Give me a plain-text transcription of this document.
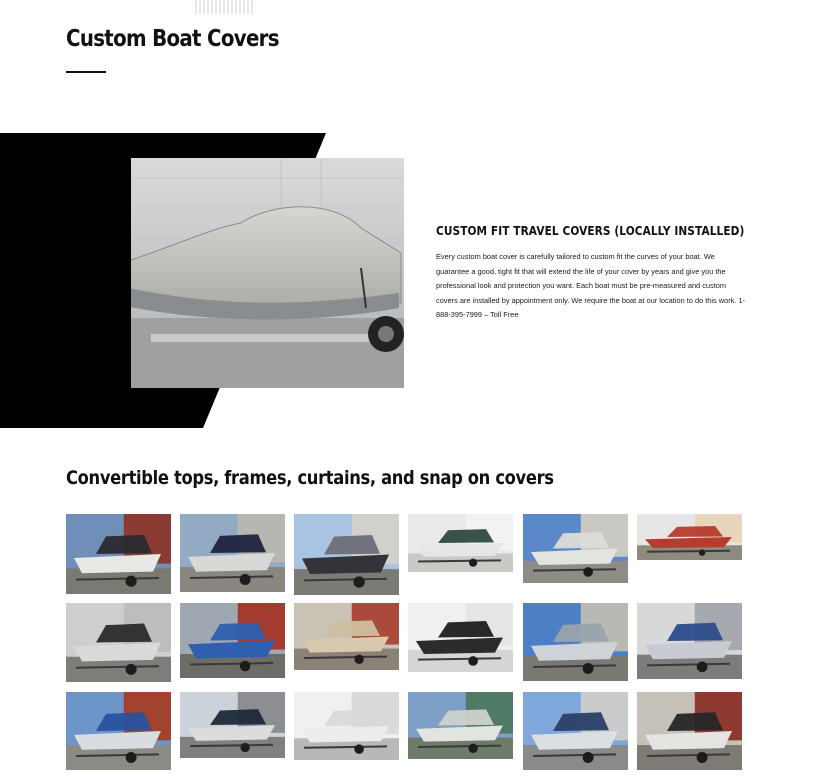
Custom Boat Covers
CUSTOM FIT TRAVEL COVERS (LOCALLY INSTALLED)

Every custom boat cover is carefully tailored to custom fit the curves of your boat. We guarantee a good, tight fit that will extend the life of your cover by years and give you the professional look and protection you want. Each boat must be pre-measured and custom covers are installed by appointment only. We require the boat at our location to do this work. 1-888-395-7999 – Toll Free

Convertible tops, frames, curtains, and snap on covers
